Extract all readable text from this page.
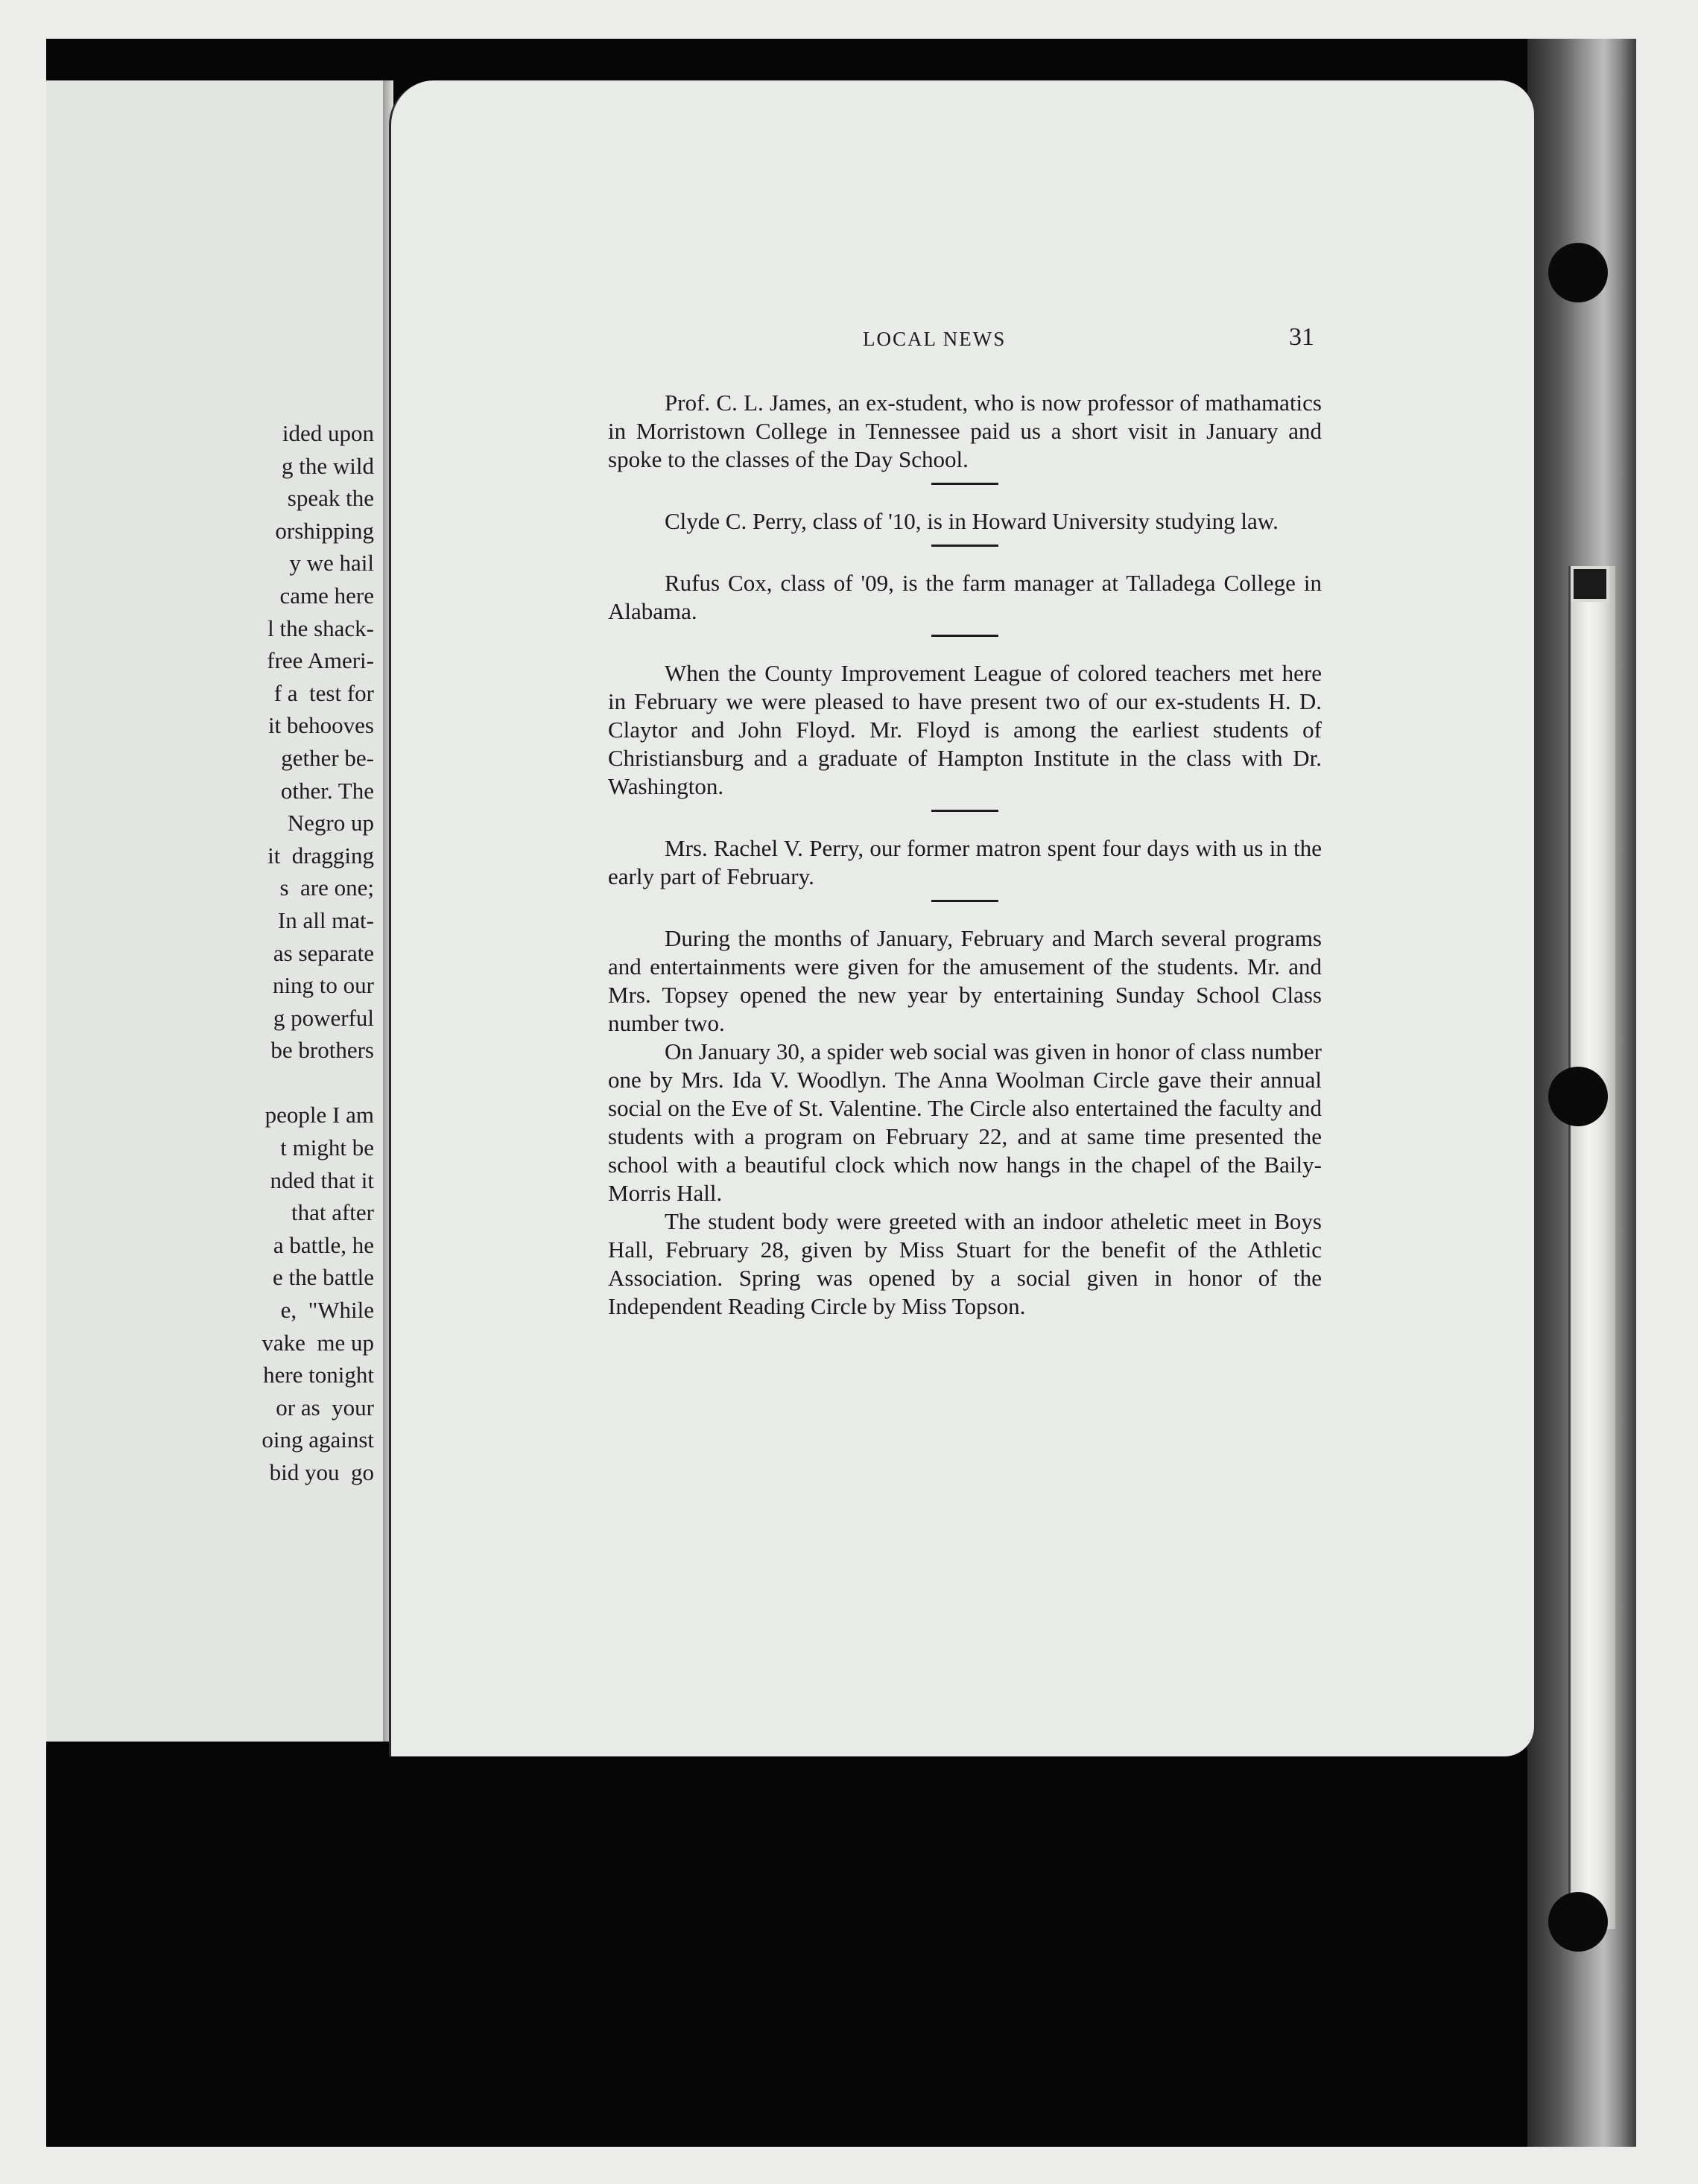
ided upon
g the wild
speak the
orshipping
y we hail
came here
l the shack-
free Ameri-
f a  test for
it behooves
gether be-
other. The
Negro up
it  dragging
s  are one;
In all mat-
as separate
ning to our
g powerful
be brothers

people I am
t might be
nded that it
that after
a battle, he
e the battle
e,  "While
vake  me up
here tonight
or as  your
oing against
bid you  go
LOCAL NEWS	31

Prof. C. L. James, an ex-student, who is now professor of mathamatics in Morristown College in Tennessee paid us a short visit in January and spoke to the classes of the Day School.

Clyde C. Perry, class of '10, is in Howard University studying law.

Rufus Cox, class of '09, is the farm manager at Talladega College in Alabama.

When the County Improvement League of colored teachers met here in February we were pleased to have present two of our ex-students H. D. Claytor and John Floyd. Mr. Floyd is among the earliest students of Christiansburg and a graduate of Hampton Institute in the class with Dr. Washington.

Mrs. Rachel V. Perry, our former matron spent four days with us in the early part of February.

During the months of January, February and March several programs and entertainments were given for the amusement of the students. Mr. and Mrs. Topsey opened the new year by entertaining Sunday School Class number two.

On January 30, a spider web social was given in honor of class number one by Mrs. Ida V. Woodlyn. The Anna Woolman Circle gave their annual social on the Eve of St. Valentine. The Circle also entertained the faculty and students with a program on February 22, and at same time presented the school with a beautiful clock which now hangs in the chapel of the Baily-Morris Hall.

The student body were greeted with an indoor atheletic meet in Boys Hall, February 28, given by Miss Stuart for the benefit of the Athletic Association. Spring was opened by a social given in honor of the Independent Reading Circle by Miss Topson.
